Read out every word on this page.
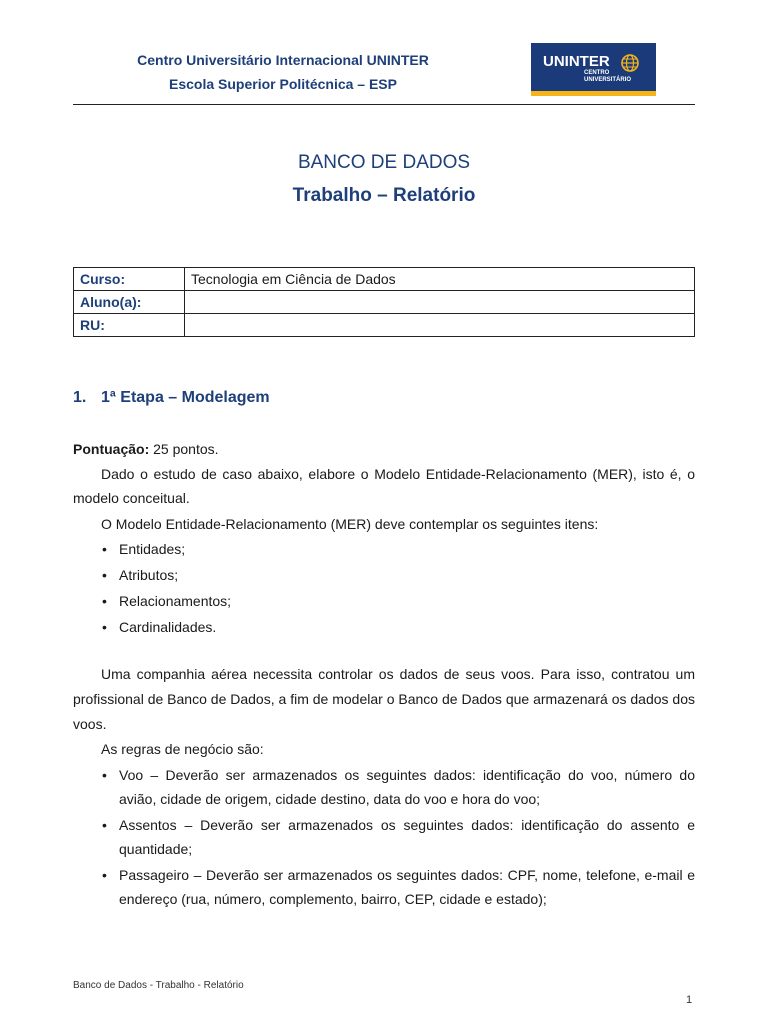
Centro Universitário Internacional UNINTER
Escola Superior Politécnica – ESP
UNINTER
CENTRO
UNIVERSITÁRIO
BANCO DE DADOS
Trabalho – Relatório
Curso:	Tecnologia em Ciência de Dados
Aluno(a):	
RU:	
1. 1ª Etapa – Modelagem
Pontuação: 25 pontos.
Dado o estudo de caso abaixo, elabore o Modelo Entidade-Relacionamento (MER), isto é, o modelo conceitual.
O Modelo Entidade-Relacionamento (MER) deve contemplar os seguintes itens:
• Entidades;
• Atributos;
• Relacionamentos;
• Cardinalidades.
Uma companhia aérea necessita controlar os dados de seus voos. Para isso, contratou um profissional de Banco de Dados, a fim de modelar o Banco de Dados que armazenará os dados dos voos.
As regras de negócio são:
• Voo – Deverão ser armazenados os seguintes dados: identificação do voo, número do avião, cidade de origem, cidade destino, data do voo e hora do voo;
• Assentos – Deverão ser armazenados os seguintes dados: identificação do assento e quantidade;
• Passageiro – Deverão ser armazenados os seguintes dados: CPF, nome, telefone, e-mail e endereço (rua, número, complemento, bairro, CEP, cidade e estado);
Banco de Dados - Trabalho - Relatório
1
